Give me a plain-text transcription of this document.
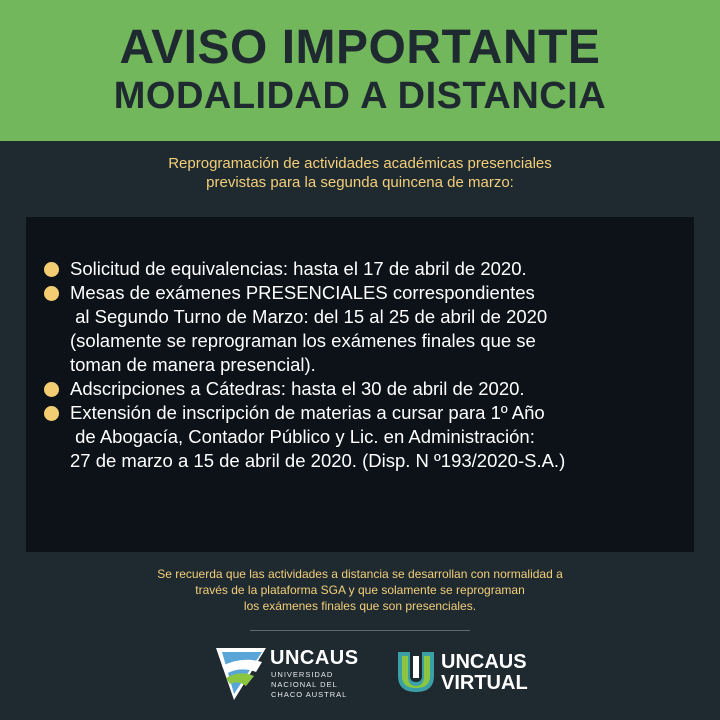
AVISO IMPORTANTE
MODALIDAD A DISTANCIA
Reprogramación de actividades académicas presenciales
previstas para la segunda quincena de marzo:
Solicitud de equivalencias: hasta el 17 de abril de 2020.
Mesas de exámenes PRESENCIALES correspondientes
al Segundo Turno de Marzo: del 15 al 25 de abril de 2020
(solamente se reprograman los exámenes finales que se
toman de manera presencial).
Adscripciones a Cátedras: hasta el 30 de abril de 2020.
Extensión de inscripción de materias a cursar para 1º Año
de Abogacía, Contador Público y Lic. en Administración:
27 de marzo a 15 de abril de 2020. (Disp. N º193/2020-S.A.)
Se recuerda que las actividades a distancia se desarrollan con normalidad a
través de la plataforma SGA y que solamente se reprograman
los exámenes finales que son presenciales.
UNCAUS
UNIVERSIDAD
NACIONAL DEL
CHACO AUSTRAL
UNCAUS
VIRTUAL
